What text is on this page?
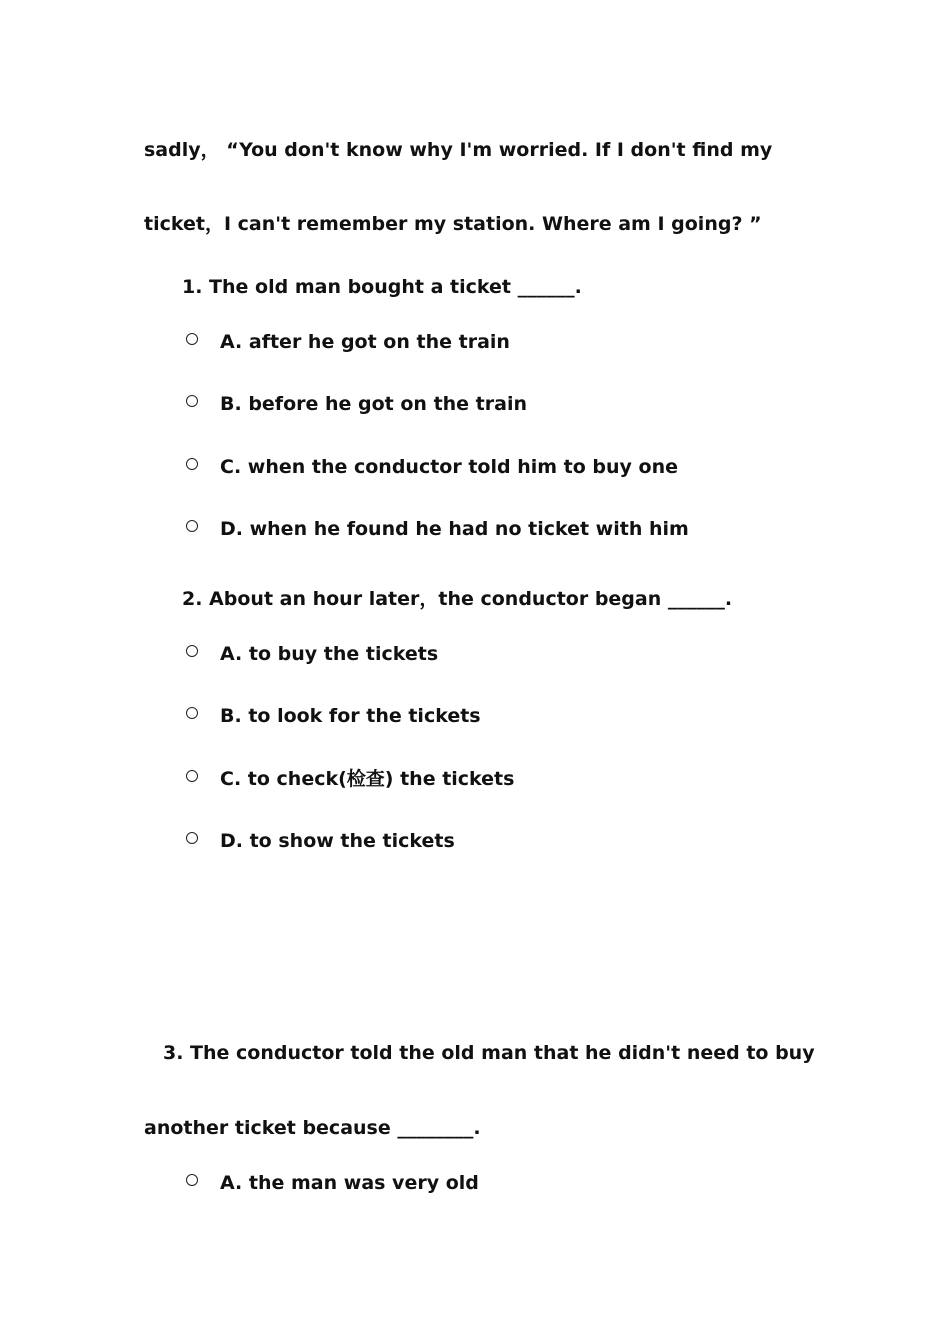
sadly， “You don't know why I'm worried. If I don't find my
ticket，I can't remember my station. Where am I going? ”
1. The old man bought a ticket ______.
A. after he got on the train
B. before he got on the train
C. when the conductor told him to buy one
D. when he found he had no ticket with him
2. About an hour later，the conductor began ______.
A. to buy the tickets
B. to look for the tickets
C. to check(检查) the tickets
D. to show the tickets
3. The conductor told the old man that he didn't need to buy
another ticket because ________.
A. the man was very old
